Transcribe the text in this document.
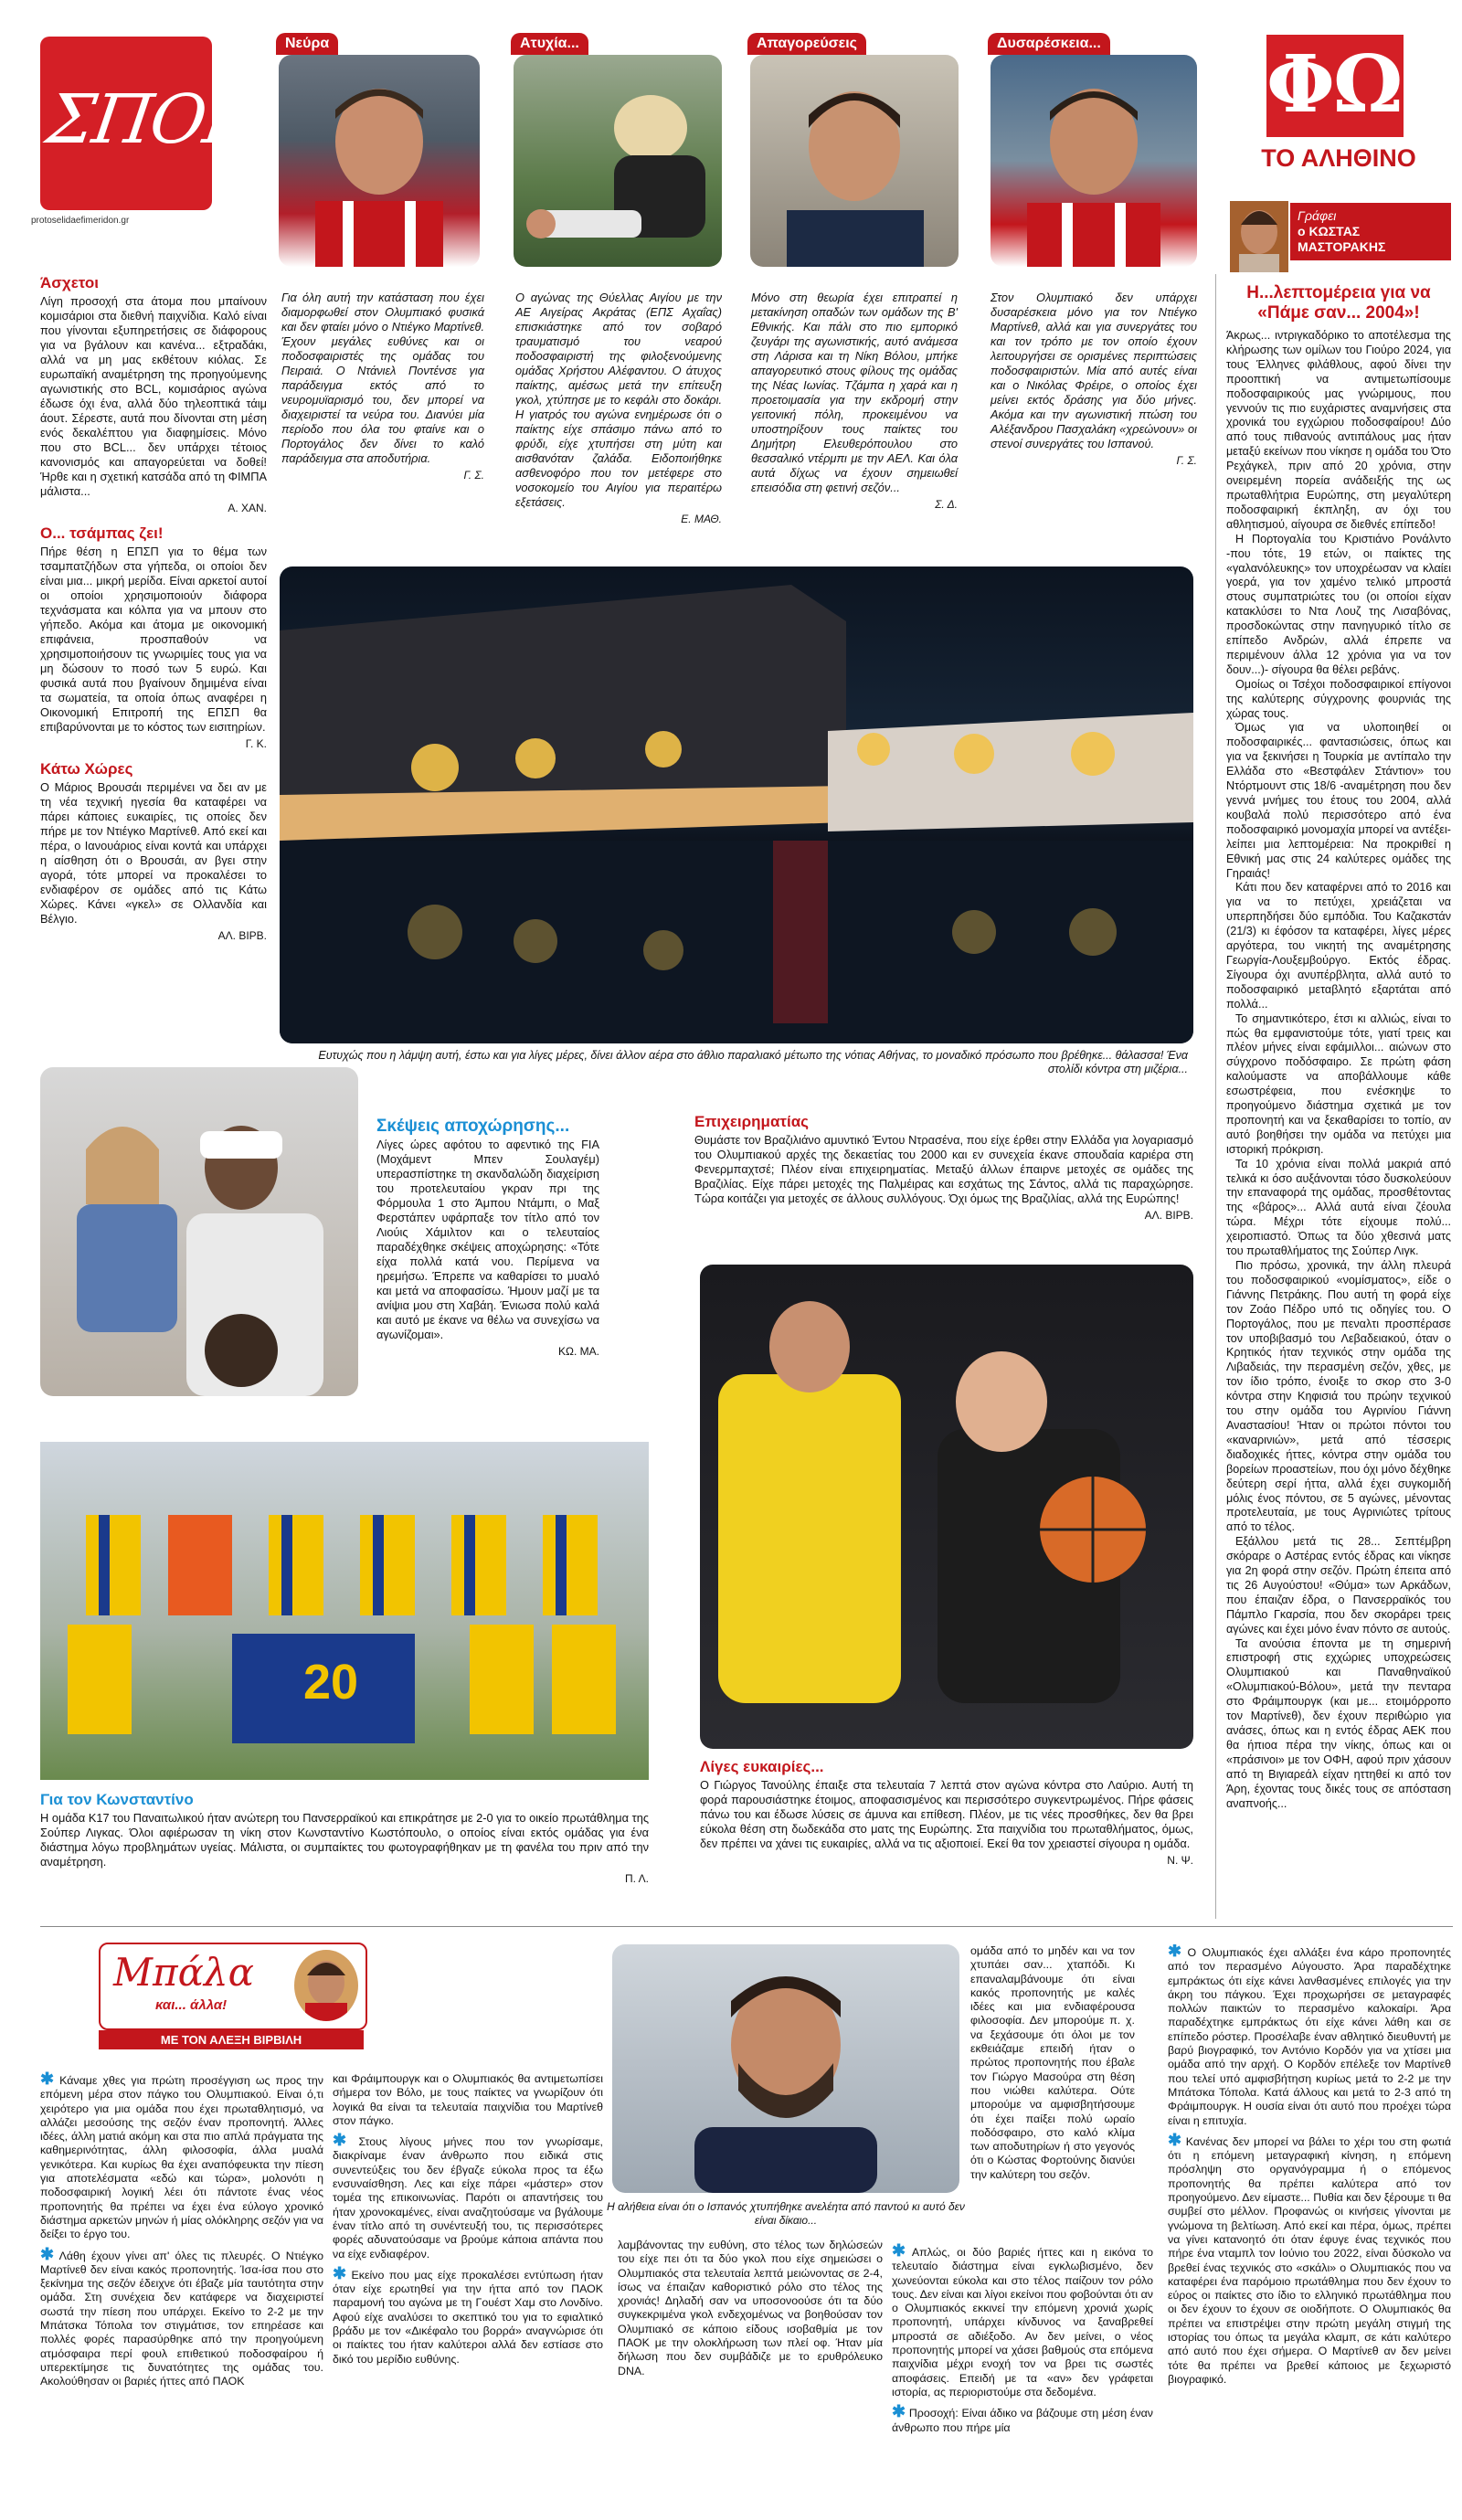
ΣΠΟΡ
protoselidaefimeridon.gr
Νεύρα	Ατυχία...	Απαγορεύσεις	Δυσαρέσκεια... ΦΩΣ
ΤΟ ΑΛΗΘΙΝΟ
Γράφει
ο ΚΩΣΤΑΣ
ΜΑΣΤΟΡΑΚΗΣ
Η...λεπτομέρεια για να
«Πάμε σαν... 2004»!

Άκρως... ιντριγκαδόρικο το αποτέλεσμα της κλήρωσης των ομίλων του Γιούρο 2024, για τους Έλληνες φιλάθλους, αφού δίνει την προοπτική να αντιμετωπίσουμε ποδοσφαιρικούς μας γνώριμους, που γεννούν τις πιο ευχάριστες αναμνήσεις στα χρονικά του εγχώριου ποδοσφαίρου! Δύο από τους πιθανούς αντιπάλους μας ήταν μεταξύ εκείνων που νίκησε η ομάδα του Ότο Ρεχάγκελ, πριν από 20 χρόνια, στην ονειρεμένη πορεία ανάδειξής της ως πρωταθλήτρια Ευρώπης, στη μεγαλύτερη ποδοσφαιρική έκπληξη, αν όχι του αθλητισμού, αίγουρα σε διεθνές επίπεδο!

Η Πορτογαλία του Κριστιάνο Ρονάλντο -που τότε, 19 ετών, οι παίκτες της «γαλανόλευκης» τον υποχρέωσαν να κλαίει γοερά, για τον χαμένο τελικό μπροστά στους συμπατριώτες του (οι οποίοι είχαν κατακλύσει το Ντα Λουζ της Λισαβόνας, προσδοκώντας στην πανηγυρικό τίτλο σε επίπεδο Ανδρών, αλλά έπρεπε να περιμένουν άλλα 12 χρόνια για να τον δουν...)- σίγουρα θα θέλει ρεβάνς.

Ομοίως οι Τσέχοι ποδοσφαιρικοί επίγονοι της καλύτερης σύγχρονης φουρνιάς της χώρας τους.

Όμως για να υλοποιηθεί οι ποδοσφαιρικές... φαντασιώσεις, όπως και για να ξεκινήσει η Τουρκία με αντίπαλο την Ελλάδα στο «Βεστφάλεν Στάντιον» του Ντόρτμουντ στις 18/6 -αναμέτρηση που δεν γεννά μνήμες του έτους του 2004, αλλά κουβαλά πολύ περισσότερο από ένα ποδοσφαιρικό μονομαχία μπορεί να αντέξει- λείπει μια λεπτομέρεια: Να προκριθεί η Εθνική μας στις 24 καλύτερες ομάδες της Γηραιάς!

Κάτι που δεν καταφέρνει από το 2016 και για να το πετύχει, χρειάζεται να υπερπηδήσει δύο εμπόδια. Του Καζακστάν (21/3) κι έφόσον τα καταφέρει, λίγες μέρες αργότερα, του νικητή της αναμέτρησης Γεωργία-Λουξεμβούργο. Εκτός έδρας. Σίγουρα όχι ανυπέρβλητα, αλλά αυτό το ποδοσφαιρικό μεταβλητό εξαρτάται από πολλά...

Το σημαντικότερο, έτσι κι αλλιώς, είναι το πώς θα εμφανιστούμε τότε, γιατί τρεις και πλέον μήνες είναι εφάμιλλοι... αιώνων στο σύγχρονο ποδόσφαιρο. Σε πρώτη φάση καλούμαστε να αποβάλλουμε κάθε εσωστρέφεια, που ενέσκηψε το προηγούμενο διάστημα σχετικά με τον προπονητή και να ξεκαθαρίσει το τοπίο, αν αυτό βοηθήσει την ομάδα να πετύχει μια ιστορική πρόκριση.

Τα 10 χρόνια είναι πολλά μακριά από τελικά κι όσο αυξάνονται τόσο δυσκολεύουν την επαναφορά της ομάδας, προσθέτοντας της «βάρος»... Αλλά αυτά είναι ζέουλα τώρα. Μέχρι τότε είχουμε πολύ... χειροπιαστό. Όπως τα δύο χθεσινά ματς του πρωταθλήματος της Σούπερ Λιγκ.

Πιο πρόσω, χρονικά, την άλλη πλευρά του ποδοσφαιρικού «νομίσματος», είδε ο Γιάννης Πετράκης. Που αυτή τη φορά είχε τον Ζοάο Πέδρο υπό τις οδηγίες του. Ο Πορτογάλος, που με πεναλτι προσπέρασε τον υποβιβασμό του Λεβαδειακού, όταν ο Κρητικός ήταν τεχνικός στην ομάδα της Λιβαδειάς, την περασμένη σεζόν, χθες, με τον ίδιο τρόπο, ένοιξε το σκορ στο 3-0 κόντρα στην Κηφισιά του πρώην τεχνικού του στην ομάδα του Αγρινίου Γιάννη Αναστασίου! Ήταν οι πρώτοι πόντοι του «καναρινιών», μετά από τέσσερις διαδοχικές ήττες, κόντρα στην ομάδα του βορείων προαστείων, που όχι μόνο δέχθηκε δεύτερη σερί ήττα, αλλά έχει συγκομιδή μόλις ένος πόντου, σε 5 αγώνες, μένοντας προτελευταία, με τους Αγρινιώτες τρίτους από το τέλος.

Εξάλλου μετά τις 28... Σεπτέμβρη σκόραρε ο Αστέρας εντός έδρας και νίκησε για 2η φορά στην σεζόν. Πρώτη έπειτα από τις 26 Αυγούστου! «Θύμα» των Αρκάδων, που έπαιζαν έδρα, ο Πανσερραϊκός του Πάμπλο Γκαρσία, που δεν σκοράρει τρεις αγώνες και έχει μόνο έναν πόντο σε αυτούς.

Τα ανούσια έποντα με τη σημερινή επιστροφή στις εχχώριες υποχρεώσεις Ολυμπιακού και Παναθηναϊκού «Ολυμπιακού-Βόλου», μετά την πενταρα στο Φράιμπουργκ (και με... ετοιμόρροπο τον Μαρτίνεθ), δεν έχουν περιθώριο για ανάσες, όπως και η εντός έδρας ΑΕΚ που θα ήπιοα πέρα την νίκης, όπως και οι «πράσινοι» με τον ΟΦΗ, αφού πριν χάσουν από τη Βιγιαρεάλ είχαν ηττηθεί κι από τον Άρη, έχοντας τους δικές τους σε απόσταση αναπνοής...

Άσχετοι

Λίγη προσοχή στα άτομα που μπαίνουν κομισάριοι στα διεθνή παιχνίδια. Καλό είναι που γίνονται εξυπηρετήσεις σε διάφορους για να βγάλουν και κανένα... εξτραδάκι, αλλά να μη μας εκθέτουν κιόλας. Σε ευρωπαϊκή αναμέτρηση της προηγούμενης αγωνιστικής στο BCL, κομισάριος αγώνα έδωσε όχι ένα, αλλά δύο τηλεοπτικά τάιμ άουτ. Σέρεστε, αυτά που δίνονται στη μέση ενός δεκαλέπτου για διαφημίσεις. Μόνο που στο BCL... δεν υπάρχει τέτοιος κανονισμός και απαγορεύεται να δοθεί! Ήρθε και η σχετική κατσάδα από τη ΦΙΜΠΑ μάλιστα...

Α. ΧΑΝ.
Ο... τσάμπας ζει!

Πήρε θέση η ΕΠΣΠ για το θέμα των τσαμπατζήδων στα γήπεδα, οι οποίοι δεν είναι μια... μικρή μερίδα. Είναι αρκετοί αυτοί οι οποίοι χρησιμοποιούν διάφορα τεχνάσματα και κόλπα για να μπουν στο γήπεδο. Ακόμα και άτομα με οικονομική επιφάνεια, προσπαθούν να χρησιμοποιήσουν τις γνωριμίες τους για να μη δώσουν το ποσό των 5 ευρώ. Και φυσικά αυτά που βγαίνουν δημιμένα είναι τα σωματεία, τα οποία όπως αναφέρει η Οικονομική Επιτροπή της ΕΠΣΠ θα επιβαρύνονται με το κόστος των εισιτηρίων.

Γ. Κ.
Κάτω Χώρες

Ο Μάριος Βρουσάι περιμένει να δει αν με τη νέα τεχνική ηγεσία θα καταφέρει να πάρει κάποιες ευκαιρίες, τις οποίες δεν πήρε με τον Ντιέγκο Μαρτίνεθ. Από εκεί και πέρα, ο Ιανουάριος είναι κοντά και υπάρχει η αίσθηση ότι ο Βρουσάι, αν βγει στην αγορά, τότε μπορεί να προκαλέσει το ενδιαφέρον σε ομάδες από τις Κάτω Χώρες. Κάνει «γκελ» σε Ολλανδία και Βέλγιο.

ΑΛ. ΒΙΡΒ.

Για όλη αυτή την κατάσταση που έχει διαμορφωθεί στον Ολυμπιακό φυσικά και δεν φταίει μόνο ο Ντιέγκο Μαρτίνεθ. Έχουν μεγάλες ευθύνες και οι ποδοσφαιριστές της ομάδας του Πειραιά. Ο Ντάνιελ Ποντένσε για παράδειγμα εκτός από το νευρομυϊαρισμό του, δεν μπορεί να διαχειριστεί τα νεύρα του. Διανύει μία περίοδο που όλα του φταίνε και ο Πορτογάλος δεν δίνει το καλό παράδειγμα στα αποδυτήρια.

Γ. Σ.

Ο αγώνας της Θύελλας Αιγίου με την ΑΕ Αιγείρας Ακράτας (ΕΠΣ Αχαΐας) επισκιάστηκε από τον σοβαρό τραυματισμό του νεαρού ποδοσφαιριστή της φιλοξενούμενης ομάδας Χρήστου Αλέφαντου. Ο άτυχος παίκτης, αμέσως μετά την επίτευξη γκολ, χτύπησε με το κεφάλι στο δοκάρι. Η γιατρός του αγώνα ενημέρωσε ότι ο παίκτης είχε σπάσιμο πάνω από το φρύδι, είχε χτυπήσει στη μύτη και αισθανόταν ζαλάδα. Ειδοποιήθηκε ασθενοφόρο που τον μετέφερε στο νοσοκομείο του Αιγίου για περαιτέρω εξετάσεις.

Ε. ΜΑΘ.

Μόνο στη θεωρία έχει επιτραπεί η μετακίνηση οπαδών των ομάδων της Β' Εθνικής. Και πάλι στο πιο εμπορικό ζευγάρι της αγωνιστικής, αυτό ανάμεσα στη Λάρισα και τη Νίκη Βόλου, μπήκε απαγορευτικό στους φίλους της ομάδας της Νέας Ιωνίας. Τζάμπα η χαρά και η προετοιμασία για την εκδρομή στην γειτονική πόλη, προκειμένου να υποστηρίξουν τους παίκτες του Δημήτρη Ελευθερόπουλου στο θεσσαλικό ντέρμπι με την ΑΕΛ. Και όλα αυτά δίχως να έχουν σημειωθεί επεισόδια στη φετινή σεζόν...

Σ. Δ.

Στον Ολυμπιακό δεν υπάρχει δυσαρέσκεια μόνο για τον Ντιέγκο Μαρτίνεθ, αλλά και για συνεργάτες του και τον τρόπο με τον οποίο έχουν λειτουργήσει σε ορισμένες περιπτώσεις ποδοσφαιριστών. Μία από αυτές είναι και ο Νικόλας Φρέιρε, ο οποίος έχει μείνει εκτός δράσης για δύο μήνες. Ακόμα και την αγωνιστική πτώση του Αλέξανδρου Πασχαλάκη «χρεώνουν» οι στενοί συνεργάτες του Ισπανού.

Γ. Σ.
Ευτυχώς που η λάμψη αυτή, έστω και για λίγες μέρες, δίνει άλλον αέρα στο άθλιο παραλιακό μέτωπο της νότιας Αθήνας, το μοναδικό πρόσωπο που βρέθηκε... θάλασσα! Ένα στολίδι κόντρα στη μιζέρια...
Σκέψεις αποχώρησης...

Λίγες ώρες αφότου το αφεντικό της FIA (Μοχάμεντ Μπεν Σουλαγέμ) υπερασπίστηκε τη σκανδαλώδη διαχείριση του προτελευταίου γκραν πρι της Φόρμουλα 1 στο Άμπου Ντάμπι, ο Μαξ Φερστάπεν υφάρπαξε τον τίτλο από τον Λιούις Χάμιλτον και ο τελευταίος παραδέχθηκε σκέψεις αποχώρησης: «Τότε είχα πολλά κατά νου. Περίμενα να ηρεμήσω. Έπρεπε να καθαρίσει το μυαλό και μετά να αποφασίσω. Ήμουν μαζί με τα ανίψια μου στη Χαβάη. Ένιωσα πολύ καλά και αυτό με έκανε να θέλω να συνεχίσω να αγωνίζομαι».

ΚΩ. ΜΑ.
Επιχειρηματίας

Θυμάστε τον Βραζιλιάνο αμυντικό Έντου Ντρασένα, που είχε έρθει στην Ελλάδα για λογαριασμό του Ολυμπιακού αρχές της δεκαετίας του 2000 και εν συνεχεία έκανε σπουδαία καριέρα στη Φενερμπαχτσέ; Πλέον είναι επιχειρηματίας. Μεταξύ άλλων έπαιρνε μετοχές σε ομάδες της Βραζιλίας. Είχε πάρει μετοχές της Παλμέιρας και εσχάτως της Σάντος, αλλά τις παραχώρησε. Τώρα κοιτάζει για μετοχές σε άλλους συλλόγους. Όχι όμως της Βραζιλίας, αλλά της Ευρώπης!

ΑΛ. ΒΙΡΒ.
20
Λίγες ευκαιρίες...

Ο Γιώργος Τανούλης έπαιξε στα τελευταία 7 λεπτά στον αγώνα κόντρα στο Λαύριο. Αυτή τη φορά παρουσιάστηκε έτοιμος, αποφασισμένος και περισσότερο συγκεντρωμένος. Πήρε φάσεις πάνω του και έδωσε λύσεις σε άμυνα και επίθεση. Πλέον, με τις νέες προσθήκες, δεν θα βρει εύκολα θέση στη δωδεκάδα στο ματς της Ευρώπης. Στα παιχνίδια του πρωταθλήματος, όμως, δεν πρέπει να χάνει τις ευκαιρίες, αλλά να τις αξιοποιεί. Εκεί θα τον χρειαστεί σίγουρα η ομάδα.

Ν. Ψ.
Για τον Κωνσταντίνο

Η ομάδα Κ17 του Παναιτωλικού ήταν ανώτερη του Πανσερραϊκού και επικράτησε με 2-0 για το οικείο πρωτάθλημα της Σούπερ Λιγκας. Όλοι αφιέρωσαν τη νίκη στον Κωνσταντίνο Κωστόπουλο, ο οποίος είναι εκτός ομάδας για ένα διάστημα λόγω προβλημάτων υγείας. Μάλιστα, οι συμπαίκτες του φωτογραφήθηκαν με τη φανέλα του πριν από την αναμέτρηση.

Π. Λ.
Μπάλα
και... άλλα!
ΜΕ ΤΟΝ ΑΛΕΞΗ ΒΙΡΒΙΛΗ

✱ Κάναμε χθες για πρώτη προσέγγιση ως προς την επόμενη μέρα στον πάγκο του Ολυμπιακού. Είναι ό,τι χειρότερο για μια ομάδα που έχει πρωταθλητισμό, να αλλάζει μεσούσης της σεζόν έναν προπονητή. Άλλες ιδέες, άλλη ματιά ακόμη και στα πιο απλά πράγματα της καθημερινότητας, άλλη φιλοσοφία, άλλα μυαλά γενικότερα. Και κυρίως θα έχει αναπόφευκτα την πίεση για αποτελέσματα «εδώ και τώρα», μολονότι η ποδοσφαιρική λογική λέει ότι πάντοτε ένας νέος προπονητής θα πρέπει να έχει ένα εύλογο χρονικό διάστημα αρκετών μηνών ή μίας ολόκληρης σεζόν για να δείξει το έργο του.

✱ Λάθη έχουν γίνει απ' όλες τις πλευρές. Ο Ντιέγκο Μαρτίνεθ δεν είναι κακός προπονητής. Ίσα-ίσα που στο ξεκίνημα της σεζόν έδειχνε ότι έβαζε μία ταυτότητα στην ομάδα. Στη συνέχεια δεν κατάφερε να διαχειριστεί σωστά την πίεση που υπάρχει. Εκείνο το 2-2 με την Μπάτσκα Τόπολα τον στιγμάτισε, τον επηρέασε και πολλές φορές παρασύρθηκε από την προηγούμενη ατμόσφαιρα περί φουλ επιθετικού ποδοσφαίρου ή υπερεκτίμησε τις δυνατότητες της ομάδας του. Ακολούθησαν οι βαριές ήττες από ΠΑΟΚ

και Φράιμπουργκ και ο Ολυμπιακός θα αντιμετωπίσει σήμερα τον Βόλο, με τους παίκτες να γνωρίζουν ότι λογικά θα είναι τα τελευταία παιχνίδια του Μαρτίνεθ στον πάγκο.

✱ Στους λίγους μήνες που τον γνωρίσαμε, διακρίναμε έναν άνθρωπο που ειδικά στις συνεντεύξεις του δεν έβγαζε εύκολα προς τα έξω ενσυναίσθηση. Λες και είχε πάρει «μάστερ» στον τομέα της επικοινωνίας. Παρότι οι απαντήσεις του ήταν χρονοκαμένες, είναι αναζητούσαμε να βγάλουμε έναν τίτλο από τη συνέντευξή του, τις περισσότερες φορές αδυνατούσαμε να βρούμε κάποια απάντα που να είχε ενδιαφέρον.

✱ Εκείνο που μας είχε προκαλέσει εντύπωση ήταν όταν είχε ερωτηθεί για την ήττα από τον ΠΑΟΚ παραμονή του αγώνα με τη Γουέστ Χαμ στο Λονδίνο. Αφού είχε αναλύσει το σκεπτικό του για το εφιαλτικό βράδυ με τον «Δικέφαλο του βορρά» αναγνώρισε ότι οι παίκτες του ήταν καλύτεροι αλλά δεν εστίασε στο δικό του μερίδιο ευθύνης.

Η αλήθεια είναι ότι ο Ισπανός χτυπήθηκε ανελέητα από παντού κι αυτό δεν είναι δίκαιο...

λαμβάνοντας την ευθύνη, στο τέλος των δηλώσεών του είχε πει ότι τα δύο γκολ που είχε σημειώσει ο Ολυμπιακός στα τελευταία λεπτά μειώνοντας σε 2-4, ίσως να έπαιζαν καθοριστικό ρόλο στο τέλος της χρονιάς! Δηλαδή σαν να υποσονοούσε ότι τα δύο συγκεκριμένα γκολ ενδεχομένως να βοηθούσαν τον Ολυμπιακό σε κάποιο είδους ισοβαθμία με τον ΠΑΟΚ με την ολοκλήρωση των πλεί οφ. Ήταν μία δήλωση που δεν συμβάδιζε με το ερυθρόλευκο DNA.

ομάδα από το μηδέν και να τον χτυπάει σαν... χταπόδι. Κι επαναλαμβάνουμε ότι είναι κακός προπονητής με καλές ιδέες και μια ενδιαφέρουσα φιλοσοφία. Δεν μπορούμε π. χ. να ξεχάσουμε ότι όλοι με τον εκθειάζαμε επειδή ήταν ο πρώτος προπονητής που έβαλε τον Γιώργο Μασούρα στη θέση που νιώθει καλύτερα. Ούτε μπορούμε να αμφισβητήσουμε ότι έχει παίξει πολύ ωραίο ποδόσφαιρο, στο καλό κλίμα των αποδυτηρίων ή στο γεγονός ότι ο Κώστας Φορτούνης διανύει την καλύτερη του σεζόν.

✱ Απλώς, οι δύο βαριές ήττες και η εικόνα το τελευταίο διάστημα είναι εγκλωβισμένο, δεν χωνεύονται εύκολα και στο τέλος παίζουν τον ρόλο τους. Δεν είναι και λίγοι εκείνοι που φοβούνται ότι αν ο Ολυμπιακός εκκινεί την επόμενη χρονιά χωρίς προπονητή, υπάρχει κίνδυνος να ξαναβρεθεί μπροστά σε αδιέξοδο. Αν δεν μείνει, ο νέος προπονητής μπορεί να χάσει βαθμούς στα επόμενα παιχνίδια μέχρι ενοχή τον να βρει τις σωστές αποφάσεις. Επειδή με τα «αν» δεν γράφεται ιστορία, ας περιοριστούμε στα δεδομένα.

✱ Προσοχή: Είναι άδικο να βάζουμε στη μέση έναν άνθρωπο που πήρε μία

✱ Ο Ολυμπιακός έχει αλλάξει ένα κάρο προπονητές από τον περασμένο Αύγουστο. Άρα παραδέχτηκε εμπράκτως ότι είχε κάνει λανθασμένες επιλογές για την άκρη του πάγκου. Έχει προχωρήσει σε μεταγραφές πολλών παικτών το περασμένο καλοκαίρι. Άρα παραδέχτηκε εμπράκτως ότι είχε κάνει λάθη και σε επίπεδο ρόστερ. Προσέλαβε έναν αθλητικό διευθυντή με βαρύ βιογραφικό, τον Αντόνιο Κορδόν για να χτίσει μια ομάδα από την αρχή. Ο Κορδόν επέλεξε τον Μαρτίνεθ που τελεί υπό αμφισβήτηση κυρίως μετά το 2-2 με την Μπάτσκα Τόπολα. Κατά άλλους και μετά το 2-3 από τη Φράιμπουργκ. Η ουσία είναι ότι αυτό που προέχει τώρα είναι η επιτυχία.

✱ Κανένας δεν μπορεί να βάλει το χέρι του στη φωτιά ότι η επόμενη μεταγραφική κίνηση, η επόμενη πρόσληψη στο οργανόγραμμα ή ο επόμενος προπονητής θα πρέπει καλύτερα από τον προηγούμενο. Δεν είμαστε... Πυθία και δεν ξέρουμε τι θα συμβεί στο μέλλον. Προφανώς οι κινήσεις γίνονται με γνώμονα τη βελτίωση. Από εκεί και πέρα, όμως, πρέπει να γίνει κατανοητό ότι όταν έφυγε ένας τεχνικός που πήρε ένα νταμπλ τον Ιούνιο του 2022, είναι δύσκολο να βρεθεί ένας τεχνικός στο «σκάλι» ο Ολυμπιακός που να καταφέρει ένα παρόμοιο πρωτάθλημα που δεν έχουν το εύρος οι παίκτες στο ίδιο το ελληνικό πρωτάθλημα που οι δεν έχουν το έχουν σε οιοδήποτε. Ο Ολυμπιακός θα πρέπει να επιστρέψει στην πρώτη μεγάλη στιγμή της ιστορίας του όπως τα μεγάλα κλαμπ, σε κάτι καλύτερο από αυτό που έχει σήμερα. Ο Μαρτίνεθ αν δεν μείνει τότε θα πρέπει να βρεθεί κάποιος με ξεχωριστό βιογραφικό.
